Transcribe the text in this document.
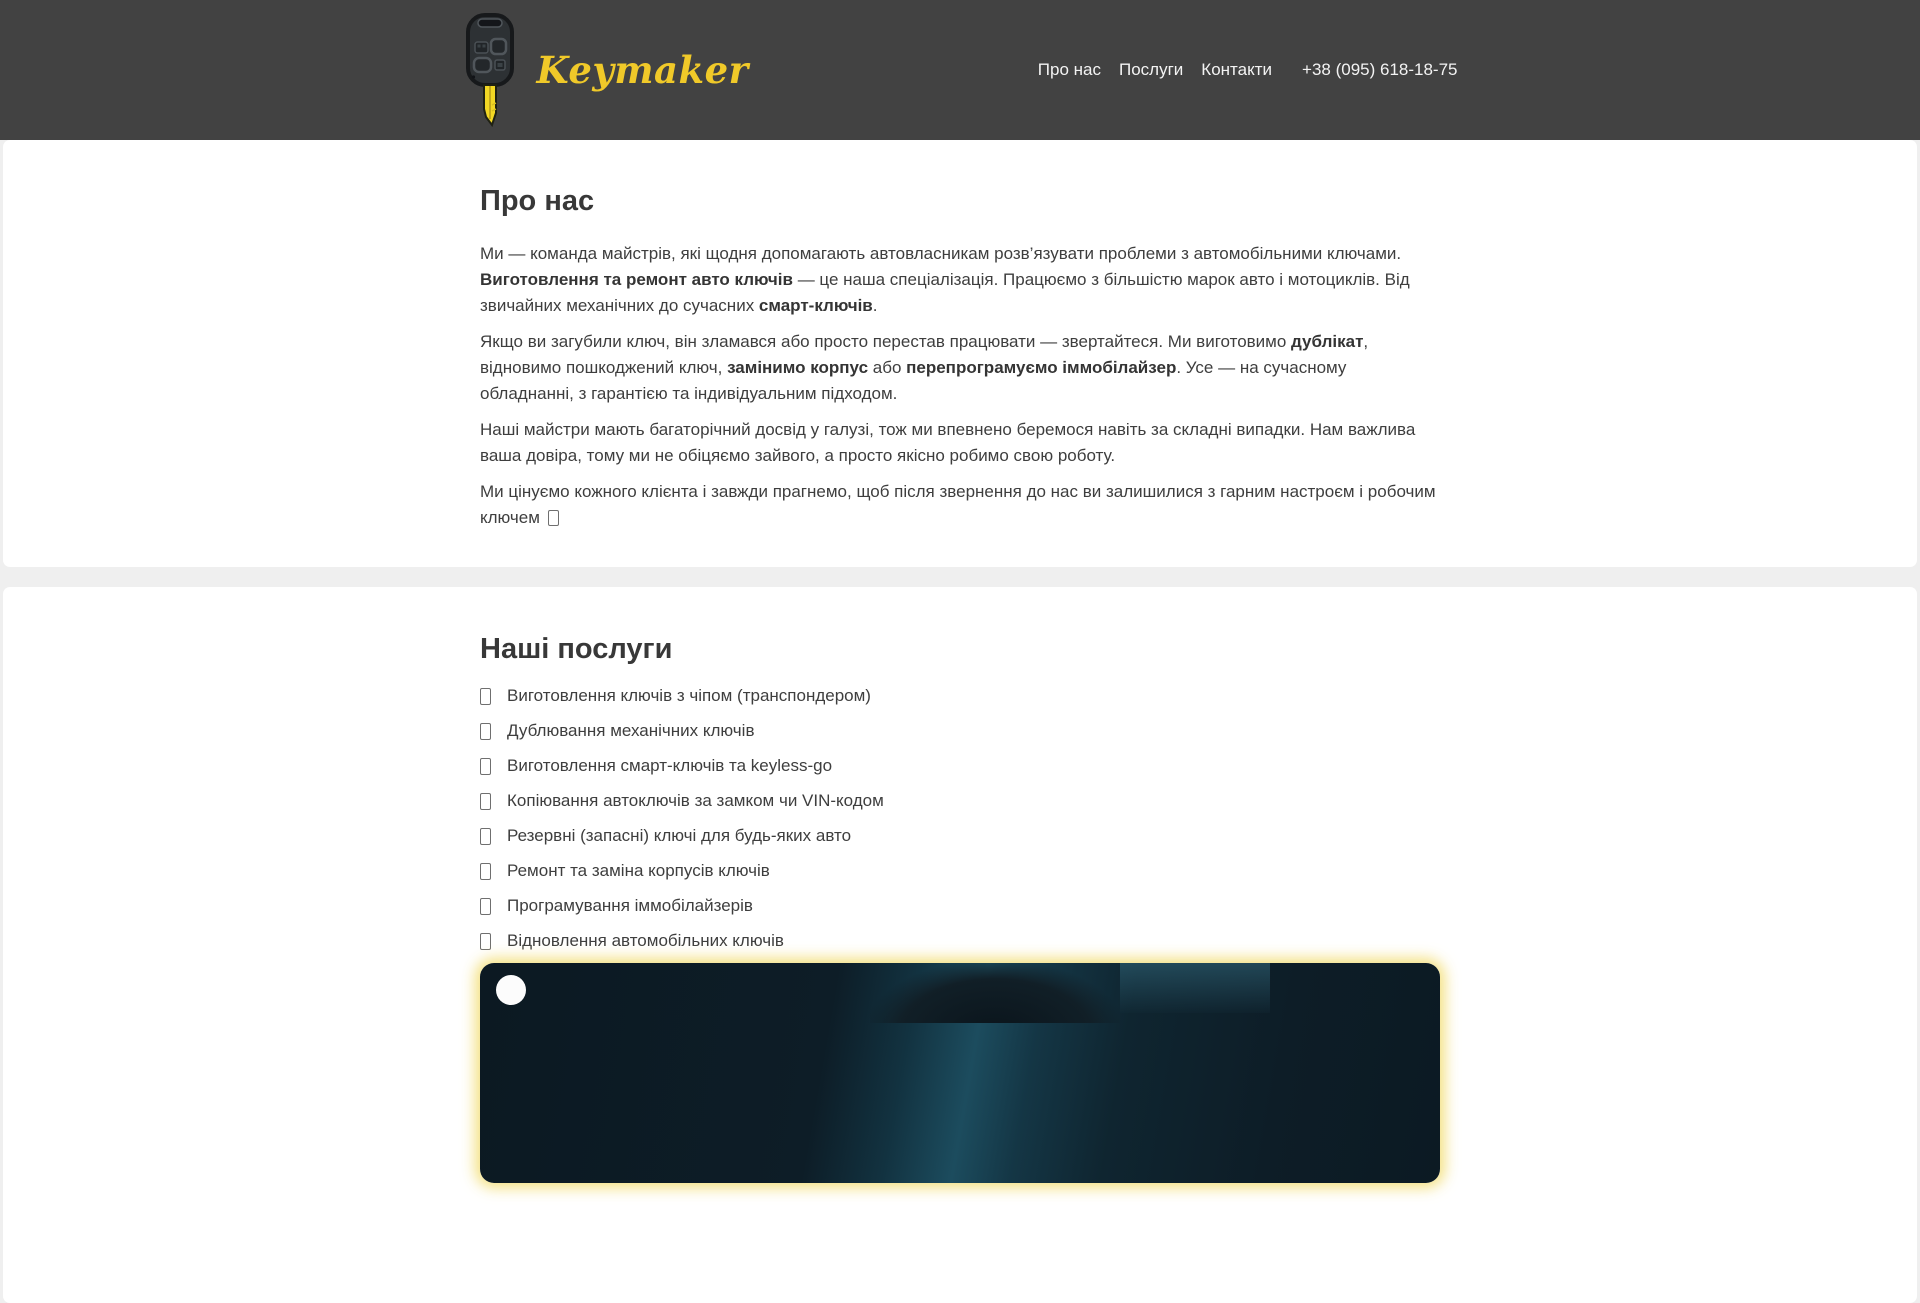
Keymaker	Про нас Послуги Контакти +38 (095) 618-18-75
Про нас

Ми — команда майстрів, які щодня допомагають автовласникам розв’язувати проблеми з автомобільними ключами. Виготовлення та ремонт авто ключів — це наша спеціалізація. Працюємо з більшістю марок авто і мотоциклів. Від звичайних механічних до сучасних смарт-ключів.

Якщо ви загубили ключ, він зламався або просто перестав працювати — звертайтеся. Ми виготовимо дублікат, відновимо пошкоджений ключ, замінимо корпус або перепрограмуємо іммобілайзер. Усе — на сучасному обладнанні, з гарантією та індивідуальним підходом.

Наші майстри мають багаторічний досвід у галузі, тож ми впевнено беремося навіть за складні випадки. Нам важлива ваша довіра, тому ми не обіцяємо зайвого, а просто якісно робимо свою роботу.

Ми цінуємо кожного клієнта і завжди прагнемо, щоб після звернення до нас ви залишилися з гарним настроєм і робочим ключем

Наші послуги
Виготовлення ключів з чіпом (транспондером)
Дублювання механічних ключів
Виготовлення смарт-ключів та keyless-go
Копіювання автоключів за замком чи VIN-кодом
Резервні (запасні) ключі для будь-яких авто
Ремонт та заміна корпусів ключів
Програмування іммобілайзерів
Відновлення автомобільних ключів
